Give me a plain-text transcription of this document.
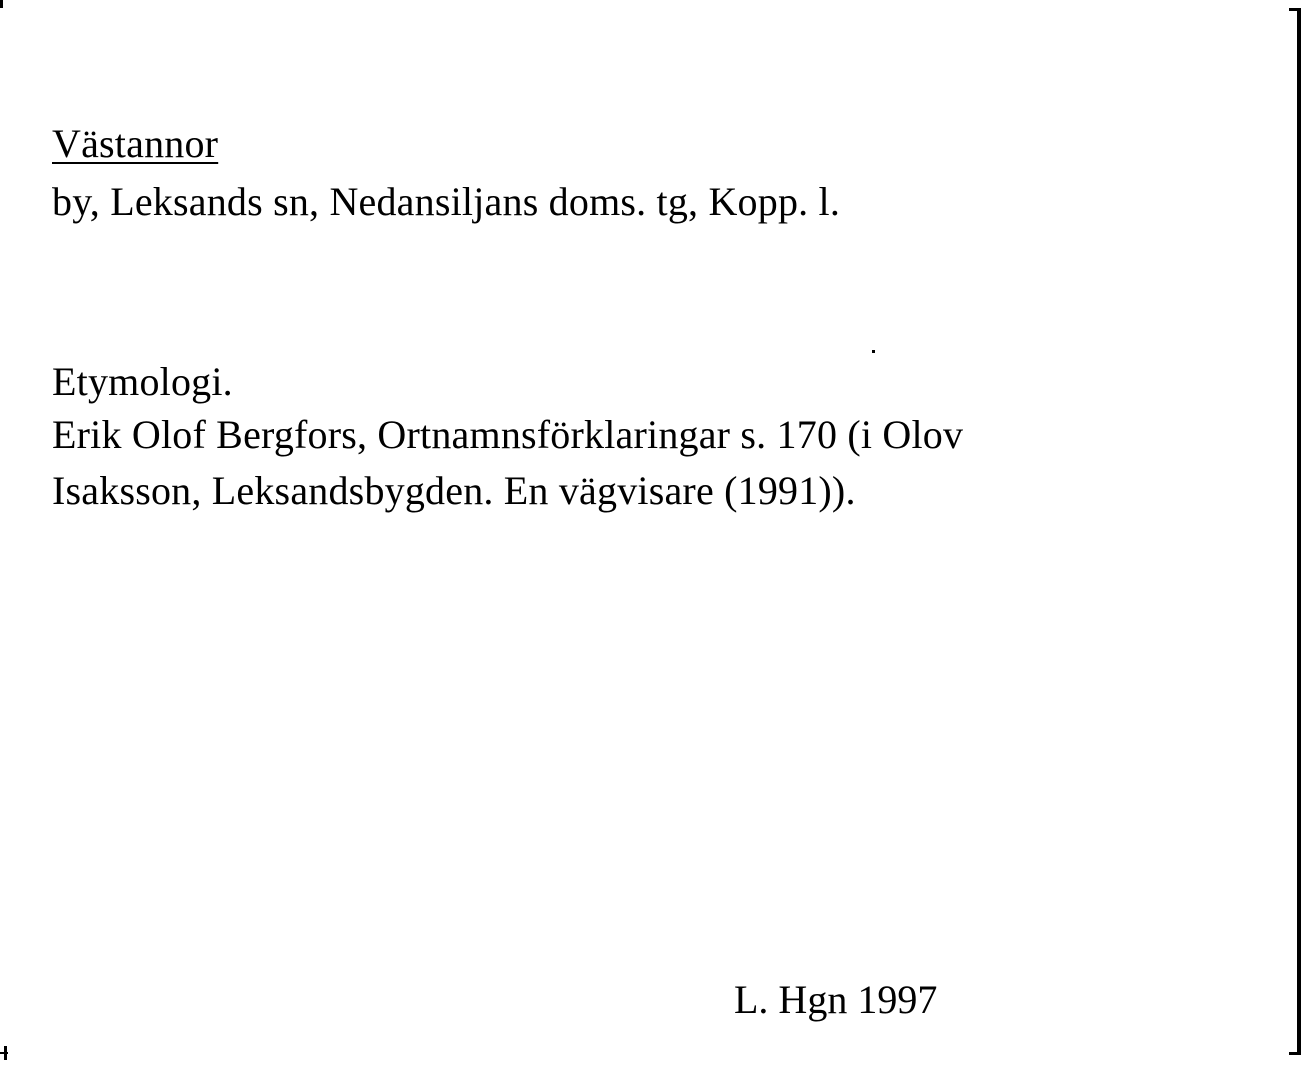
Västannor
by, Leksands sn, Nedansiljans doms. tg, Kopp. l.
Etymologi.
Erik Olof Bergfors, Ortnamnsförklaringar s. 170 (i Olov
Isaksson, Leksandsbygden. En vägvisare (1991)).
L. Hgn 1997
